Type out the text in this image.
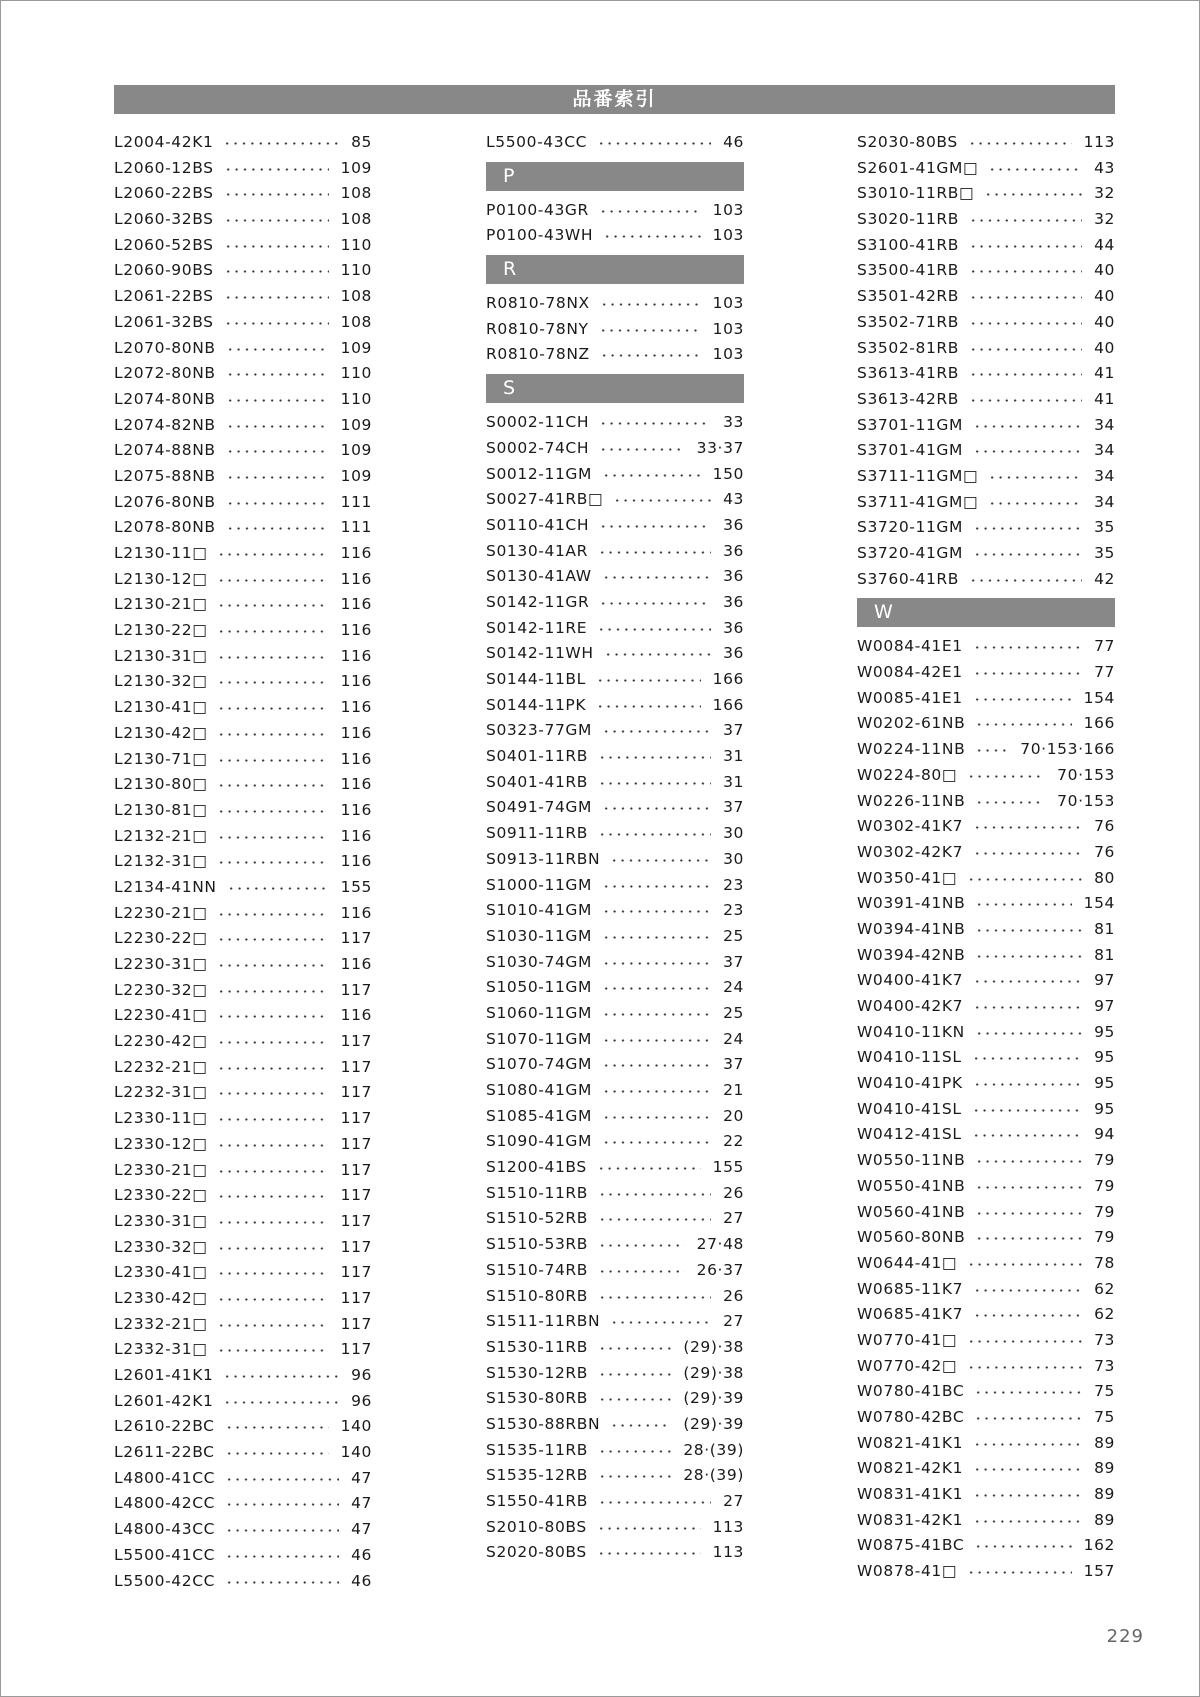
品番索引
L2004-42K1	85
L2060-12BS	109
L2060-22BS	108
L2060-32BS	108
L2060-52BS	110
L2060-90BS	110
L2061-22BS	108
L2061-32BS	108
L2070-80NB	109
L2072-80NB	110
L2074-80NB	110
L2074-82NB	109
L2074-88NB	109
L2075-88NB	109
L2076-80NB	111
L2078-80NB	111
L2130-11□	116
L2130-12□	116
L2130-21□	116
L2130-22□	116
L2130-31□	116
L2130-32□	116
L2130-41□	116
L2130-42□	116
L2130-71□	116
L2130-80□	116
L2130-81□	116
L2132-21□	116
L2132-31□	116
L2134-41NN	155
L2230-21□	116
L2230-22□	117
L2230-31□	116
L2230-32□	117
L2230-41□	116
L2230-42□	117
L2232-21□	117
L2232-31□	117
L2330-11□	117
L2330-12□	117
L2330-21□	117
L2330-22□	117
L2330-31□	117
L2330-32□	117
L2330-41□	117
L2330-42□	117
L2332-21□	117
L2332-31□	117
L2601-41K1	96
L2601-42K1	96
L2610-22BC	140
L2611-22BC	140
L4800-41CC	47
L4800-42CC	47
L4800-43CC	47
L5500-41CC	46
L5500-42CC	46
L5500-43CC	46
P
P0100-43GR	103
P0100-43WH	103
R
R0810-78NX	103
R0810-78NY	103
R0810-78NZ	103
S
S0002-11CH	33
S0002-74CH	33·37
S0012-11GM	150
S0027-41RB□	43
S0110-41CH	36
S0130-41AR	36
S0130-41AW	36
S0142-11GR	36
S0142-11RE	36
S0142-11WH	36
S0144-11BL	166
S0144-11PK	166
S0323-77GM	37
S0401-11RB	31
S0401-41RB	31
S0491-74GM	37
S0911-11RB	30
S0913-11RBN	30
S1000-11GM	23
S1010-41GM	23
S1030-11GM	25
S1030-74GM	37
S1050-11GM	24
S1060-11GM	25
S1070-11GM	24
S1070-74GM	37
S1080-41GM	21
S1085-41GM	20
S1090-41GM	22
S1200-41BS	155
S1510-11RB	26
S1510-52RB	27
S1510-53RB	27·48
S1510-74RB	26·37
S1510-80RB	26
S1511-11RBN	27
S1530-11RB	(29)·38
S1530-12RB	(29)·38
S1530-80RB	(29)·39
S1530-88RBN	(29)·39
S1535-11RB	28·(39)
S1535-12RB	28·(39)
S1550-41RB	27
S2010-80BS	113
S2020-80BS	113
S2030-80BS	113
S2601-41GM□	43
S3010-11RB□	32
S3020-11RB	32
S3100-41RB	44
S3500-41RB	40
S3501-42RB	40
S3502-71RB	40
S3502-81RB	40
S3613-41RB	41
S3613-42RB	41
S3701-11GM	34
S3701-41GM	34
S3711-11GM□	34
S3711-41GM□	34
S3720-11GM	35
S3720-41GM	35
S3760-41RB	42
W
W0084-41E1	77
W0084-42E1	77
W0085-41E1	154
W0202-61NB	166
W0224-11NB	70·153·166
W0224-80□	70·153
W0226-11NB	70·153
W0302-41K7	76
W0302-42K7	76
W0350-41□	80
W0391-41NB	154
W0394-41NB	81
W0394-42NB	81
W0400-41K7	97
W0400-42K7	97
W0410-11KN	95
W0410-11SL	95
W0410-41PK	95
W0410-41SL	95
W0412-41SL	94
W0550-11NB	79
W0550-41NB	79
W0560-41NB	79
W0560-80NB	79
W0644-41□	78
W0685-11K7	62
W0685-41K7	62
W0770-41□	73
W0770-42□	73
W0780-41BC	75
W0780-42BC	75
W0821-41K1	89
W0821-42K1	89
W0831-41K1	89
W0831-42K1	89
W0875-41BC	162
W0878-41□	157
229
